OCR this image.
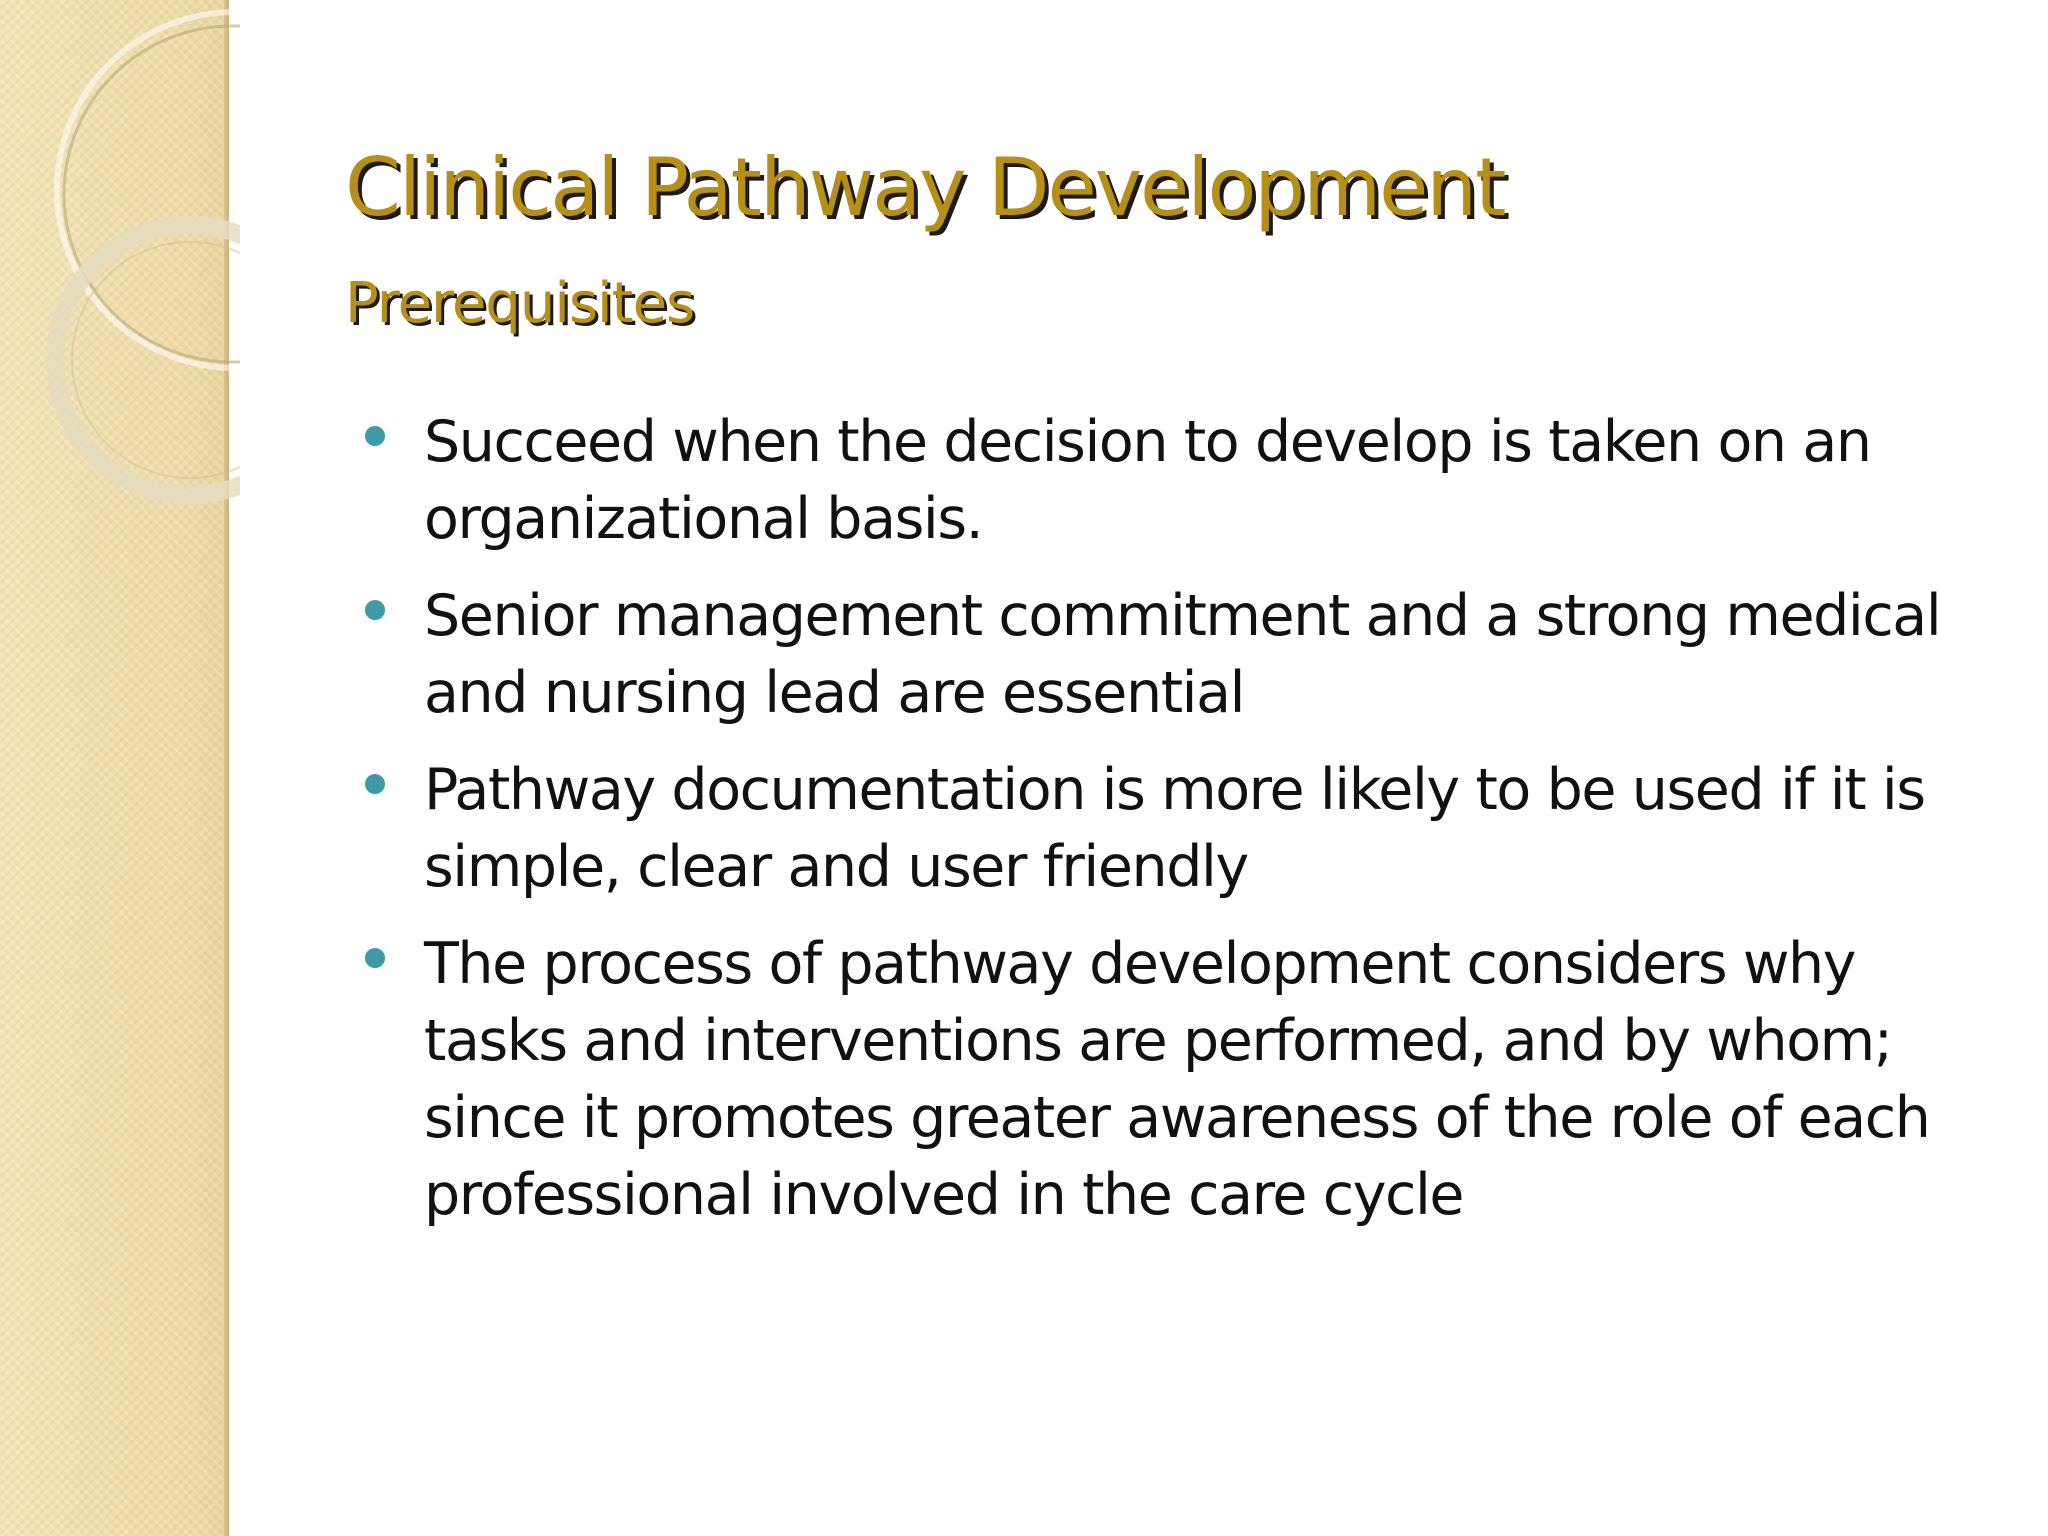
Clinical Pathway Development
Prerequisites
Succeed when the decision to develop is taken on an organizational basis.
Senior management commitment and a strong medical and nursing lead are essential
Pathway documentation is more likely to be used if it is simple, clear and user friendly
The process of pathway development considers why tasks and interventions are performed, and by whom; since it promotes greater awareness of the role of each professional involved in the care cycle
